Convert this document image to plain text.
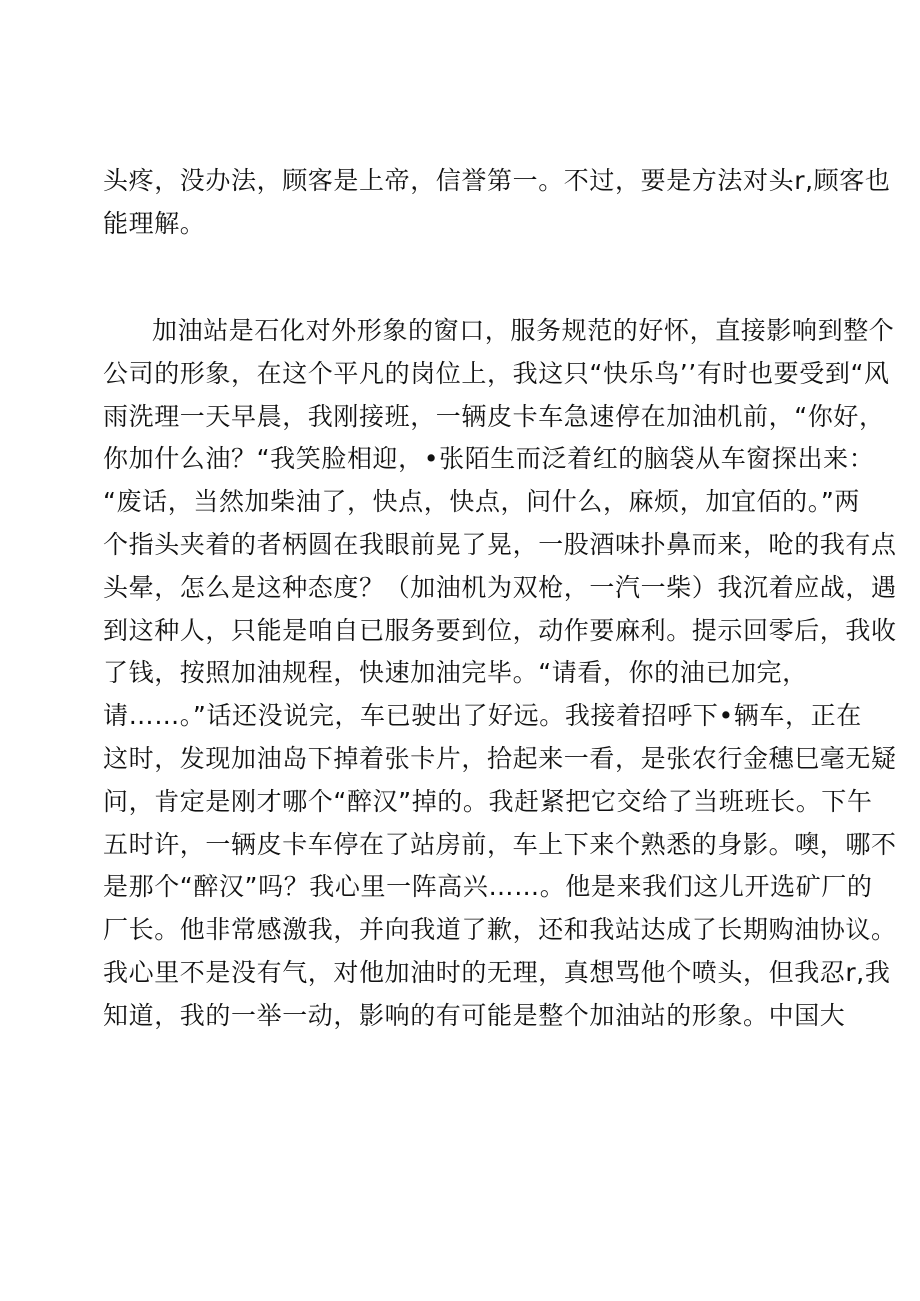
头疼，没办法，顾客是上帝，信誉第一。不过，要是方法对头r,顾客也
能理解。
加油站是石化对外形象的窗口，服务规范的好怀，直接影响到整个
公司的形象，在这个平凡的岗位上，我这只“快乐鸟’’有时也要受到“风
雨洗理一天早晨，我刚接班，一辆皮卡车急速停在加油机前，“你好，
你加什么油？“我笑脸相迎，•张陌生而泛着红的脑袋从车窗探出来：
“废话，当然加柴油了，快点，快点，问什么，麻烦，加宜佰的。”两
个指头夹着的者柄圆在我眼前晃了晃，一股酒味扑鼻而来，呛的我有点
头晕，怎么是这种态度？（加油机为双枪，一汽一柴）我沉着应战，遇
到这种人，只能是咱自已服务要到位，动作要麻利。提示回零后，我收
了钱，按照加油规程，快速加油完毕。“请看，你的油已加完，
请……。”话还没说完，车已驶出了好远。我接着招呼下•辆车，正在
这时，发现加油岛下掉着张卡片，拾起来一看，是张农行金穗巳毫无疑
问，肯定是刚才哪个“醉汉”掉的。我赶紧把它交给了当班班长。下午
五时许，一辆皮卡车停在了站房前，车上下来个熟悉的身影。噢，哪不
是那个“醉汉”吗？我心里一阵高兴……。他是来我们这儿开选矿厂的
厂长。他非常感激我，并向我道了歉，还和我站达成了长期购油协议。
我心里不是没有气，对他加油时的无理，真想骂他个喷头，但我忍r,我
知道，我的一举一动，影响的有可能是整个加油站的形象。中国大
